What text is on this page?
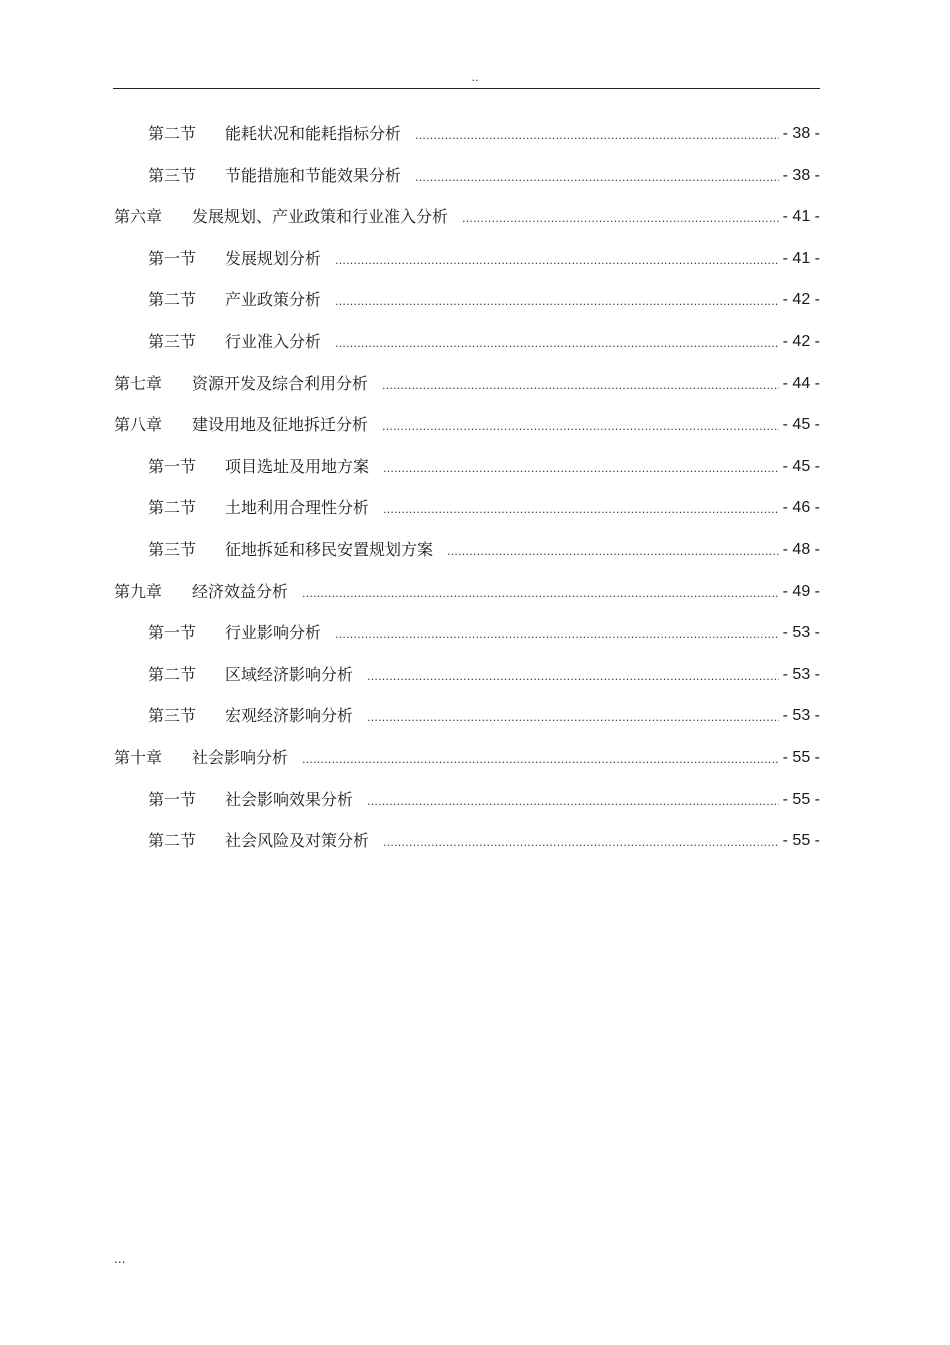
..
第二节	能耗状况和能耗指标分析 .....	- 38 -
第三节	节能措施和节能效果分析 .....	- 38 -
第六章	发展规划、产业政策和行业准入分析 .....	- 41 -
第一节	发展规划分析 .....	- 41 -
第二节	产业政策分析 .....	- 42 -
第三节	行业准入分析 .....	- 42 -
第七章	资源开发及综合利用分析 .....	- 44 -
第八章	建设用地及征地拆迁分析 .....	- 45 -
第一节	项目选址及用地方案 .....	- 45 -
第二节	土地利用合理性分析 .....	- 46 -
第三节	征地拆延和移民安置规划方案 .....	- 48 -
第九章	经济效益分析 .....	- 49 -
第一节	行业影响分析 .....	- 53 -
第二节	区域经济影响分析 .....	- 53 -
第三节	宏观经济影响分析 .....	- 53 -
第十章	社会影响分析 .....	- 55 -
第一节	社会影响效果分析 .....	- 55 -
第二节	社会风险及对策分析 .....	- 55 -
...
